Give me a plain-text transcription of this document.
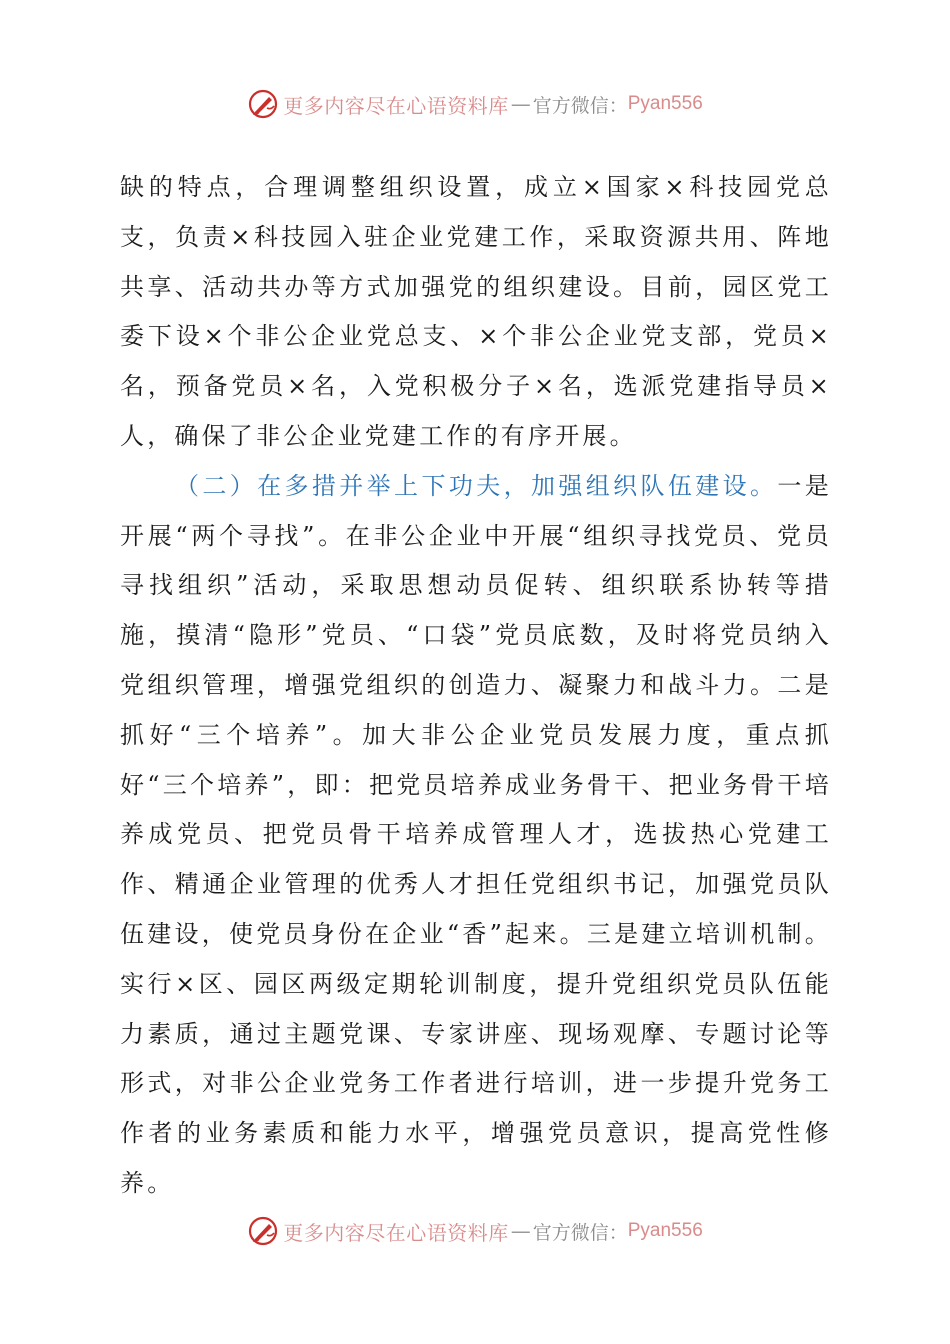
更多内容尽在心语资料库 — 官方微信： Pyan556

缺的特点，合理调整组织设置，成立×国家×科技园党总支，负责×科技园入驻企业党建工作，采取资源共用、阵地共享、活动共办等方式加强党的组织建设。目前，园区党工委下设×个非公企业党总支、×个非公企业党支部，党员×名，预备党员×名，入党积极分子×名，选派党建指导员×人，确保了非公企业党建工作的有序开展。

（二）在多措并举上下功夫，加强组织队伍建设。一是开展“两个寻找”。在非公企业中开展“组织寻找党员、党员寻找组织”活动，采取思想动员促转、组织联系协转等措施，摸清“隐形”党员、“口袋”党员底数，及时将党员纳入党组织管理，增强党组织的创造力、凝聚力和战斗力。二是抓好“三个培养”。加大非公企业党员发展力度，重点抓好“三个培养”，即：把党员培养成业务骨干、把业务骨干培养成党员、把党员骨干培养成管理人才，选拔热心党建工作、精通企业管理的优秀人才担任党组织书记，加强党员队伍建设，使党员身份在企业“香”起来。三是建立培训机制。实行×区、园区两级定期轮训制度，提升党组织党员队伍能力素质，通过主题党课、专家讲座、现场观摩、专题讨论等形式，对非公企业党务工作者进行培训，进一步提升党务工作者的业务素质和能力水平，增强党员意识，提高党性修养。

更多内容尽在心语资料库 — 官方微信： Pyan556
